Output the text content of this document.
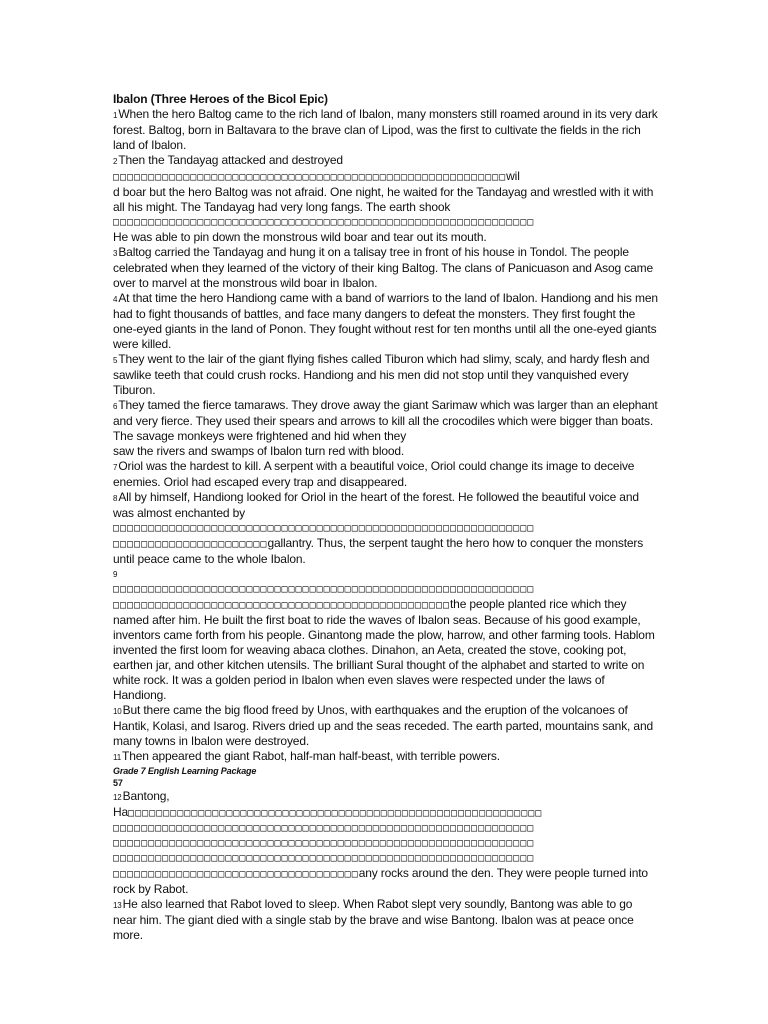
Ibalon (Three Heroes of the Bicol Epic)

1When the hero Baltog came to the rich land of Ibalon, many monsters still roamed around in its very dark forest. Baltog, born in Baltavara to the brave clan of Lipod, was the first to cultivate the fields in the rich land of Ibalon.

2Then the Tandayag attacked and destroyed
□□□□□□□□□□□□□□□□□□□□□□□□□□□□□□□□□□□□□□□□□□□□□□□□□□□□□□□□wil
d boar but the hero Baltog was not afraid. One night, he waited for the Tandayag and wrestled with it with all his might. The Tandayag had very long fangs. The earth shook
□□□□□□□□□□□□□□□□□□□□□□□□□□□□□□□□□□□□□□□□□□□□□□□□□□□□□□□□□□□□
He was able to pin down the monstrous wild boar and tear out its mouth.

3Baltog carried the Tandayag and hung it on a talisay tree in front of his house in Tondol. The people celebrated when they learned of the victory of their king Baltog. The clans of Panicuason and Asog came over to marvel at the monstrous wild boar in Ibalon.

4At that time the hero Handiong came with a band of warriors to the land of Ibalon. Handiong and his men had to fight thousands of battles, and face many dangers to defeat the monsters. They first fought the one-eyed giants in the land of Ponon. They fought without rest for ten months until all the one-eyed giants were killed.

5They went to the lair of the giant flying fishes called Tiburon which had slimy, scaly, and hardy flesh and sawlike teeth that could crush rocks. Handiong and his men did not stop until they vanquished every Tiburon.

6They tamed the fierce tamaraws. They drove away the giant Sarimaw which was larger than an elephant and very fierce. They used their spears and arrows to kill all the crocodiles which were bigger than boats. The savage monkeys were frightened and hid when they
saw the rivers and swamps of Ibalon turn red with blood.

7Oriol was the hardest to kill. A serpent with a beautiful voice, Oriol could change its image to deceive enemies. Oriol had escaped every trap and disappeared.

8All by himself, Handiong looked for Oriol in the heart of the forest. He followed the beautiful voice and was almost enchanted by
□□□□□□□□□□□□□□□□□□□□□□□□□□□□□□□□□□□□□□□□□□□□□□□□□□□□□□□□□□□□
□□□□□□□□□□□□□□□□□□□□□□gallantry. Thus, the serpent taught the hero how to conquer the monsters until peace came to the whole Ibalon.

9
□□□□□□□□□□□□□□□□□□□□□□□□□□□□□□□□□□□□□□□□□□□□□□□□□□□□□□□□□□□□
□□□□□□□□□□□□□□□□□□□□□□□□□□□□□□□□□□□□□□□□□□□□□□□□the people planted rice which they named after him. He built the first boat to ride the waves of Ibalon seas. Because of his good example, inventors came forth from his people. Ginantong made the plow, harrow, and other farming tools. Hablom invented the first loom for weaving abaca clothes. Dinahon, an Aeta, created the stove, cooking pot, earthen jar, and other kitchen utensils. The brilliant Sural thought of the alphabet and started to write on white rock. It was a golden period in Ibalon when even slaves were respected under the laws of Handiong.

10But there came the big flood freed by Unos, with earthquakes and the eruption of the volcanoes of Hantik, Kolasi, and Isarog. Rivers dried up and the seas receded. The earth parted, mountains sank, and many towns in Ibalon were destroyed.

11Then appeared the giant Rabot, half-man half-beast, with terrible powers.

Grade 7 English Learning Package

57

12Bantong,
Ha□□□□□□□□□□□□□□□□□□□□□□□□□□□□□□□□□□□□□□□□□□□□□□□□□□□□□□□□□□□
□□□□□□□□□□□□□□□□□□□□□□□□□□□□□□□□□□□□□□□□□□□□□□□□□□□□□□□□□□□□
□□□□□□□□□□□□□□□□□□□□□□□□□□□□□□□□□□□□□□□□□□□□□□□□□□□□□□□□□□□□
□□□□□□□□□□□□□□□□□□□□□□□□□□□□□□□□□□□□□□□□□□□□□□□□□□□□□□□□□□□□
□□□□□□□□□□□□□□□□□□□□□□□□□□□□□□□□□□□any rocks around the den. They were people turned into rock by Rabot.

13He also learned that Rabot loved to sleep. When Rabot slept very soundly, Bantong was able to go near him. The giant died with a single stab by the brave and wise Bantong. Ibalon was at peace once more.
